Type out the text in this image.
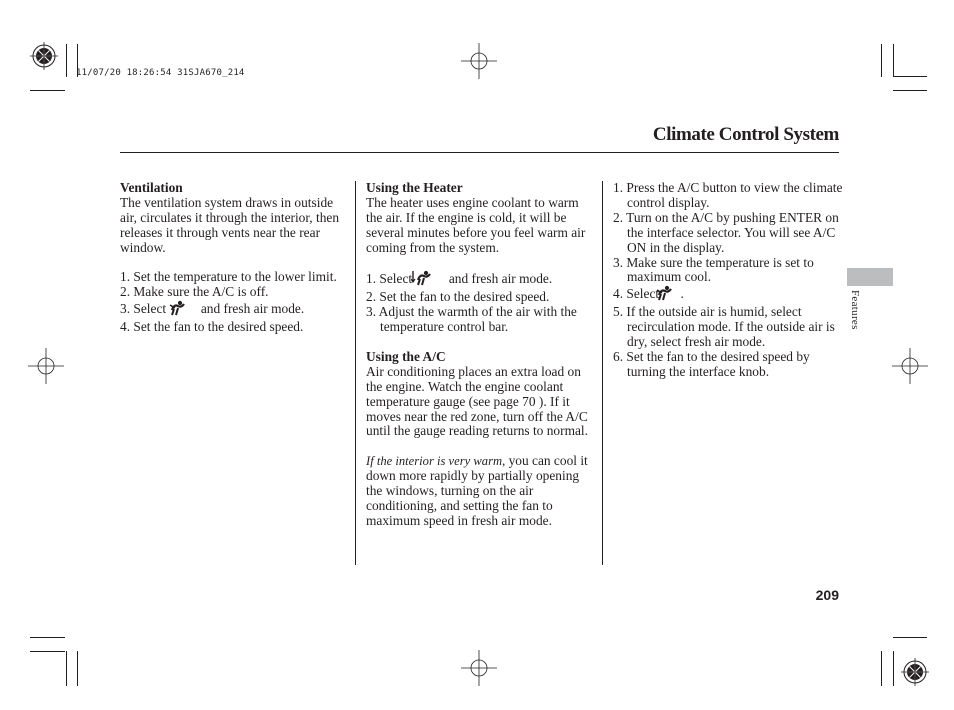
11/07/20 18:26:54 31SJA670_214
Climate Control System
Features

Ventilation

The ventilation system draws in outside air, circulates it through the interior, then releases it through vents near the rear window.

1. Set the temperature to the lower limit.

2. Make sure the A/C is off.

3. Select	and fresh air mode.

4. Set the fan to the desired speed.

Using the Heater

The heater uses engine coolant to warm the air. If the engine is cold, it will be several minutes before you feel warm air coming from the system.

1. Select	and fresh air mode.

2. Set the fan to the desired speed.

3. Adjust the warmth of the air with the temperature control bar.

Using the A/C

Air conditioning places an extra load on the engine. Watch the engine coolant temperature gauge (see page 70 ). If it moves near the red zone, turn off the A/C until the gauge reading returns to normal.

If the interior is very warm, you can cool it down more rapidly by partially opening the windows, turning on the air conditioning, and setting the fan to maximum speed in fresh air mode.

1. Press the A/C button to view the climate control display.

2. Turn on the A/C by pushing ENTER on the interface selector. You will see A/C ON in the display.

3. Make sure the temperature is set to maximum cool.

4. Select .

5. If the outside air is humid, select recirculation mode. If the outside air is dry, select fresh air mode.

6. Set the fan to the desired speed by turning the interface knob.

209
